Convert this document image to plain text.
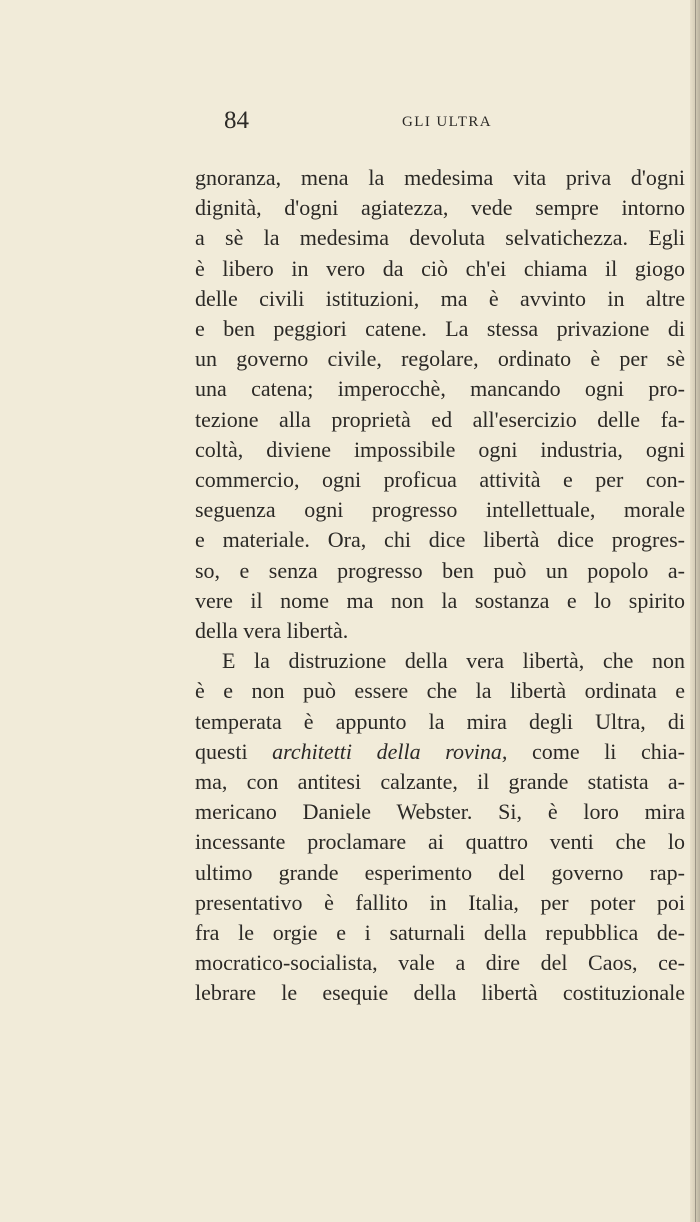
84	GLI ULTRA
gnoranza, mena la medesima vita priva d'ogni
dignità, d'ogni agiatezza, vede sempre intorno
a sè la medesima devoluta selvatichezza. Egli
è libero in vero da ciò ch'ei chiama il giogo
delle civili istituzioni, ma è avvinto in altre
e ben peggiori catene. La stessa privazione di
un governo civile, regolare, ordinato è per sè
una catena; imperocchè, mancando ogni pro-
tezione alla proprietà ed all'esercizio delle fa-
coltà, diviene impossibile ogni industria, ogni
commercio, ogni proficua attività e per con-
seguenza ogni progresso intellettuale, morale
e materiale. Ora, chi dice libertà dice progres-
so, e senza progresso ben può un popolo a-
vere il nome ma non la sostanza e lo spirito
della vera libertà.
E la distruzione della vera libertà, che non
è e non può essere che la libertà ordinata e
temperata è appunto la mira degli Ultra, di
questi architetti della rovina, come li chia-
ma, con antitesi calzante, il grande statista a-
mericano Daniele Webster. Si, è loro mira
incessante proclamare ai quattro venti che lo
ultimo grande esperimento del governo rap-
presentativo è fallito in Italia, per poter poi
fra le orgie e i saturnali della repubblica de-
mocratico-socialista, vale a dire del Caos, ce-
lebrare le esequie della libertà costituzionale
